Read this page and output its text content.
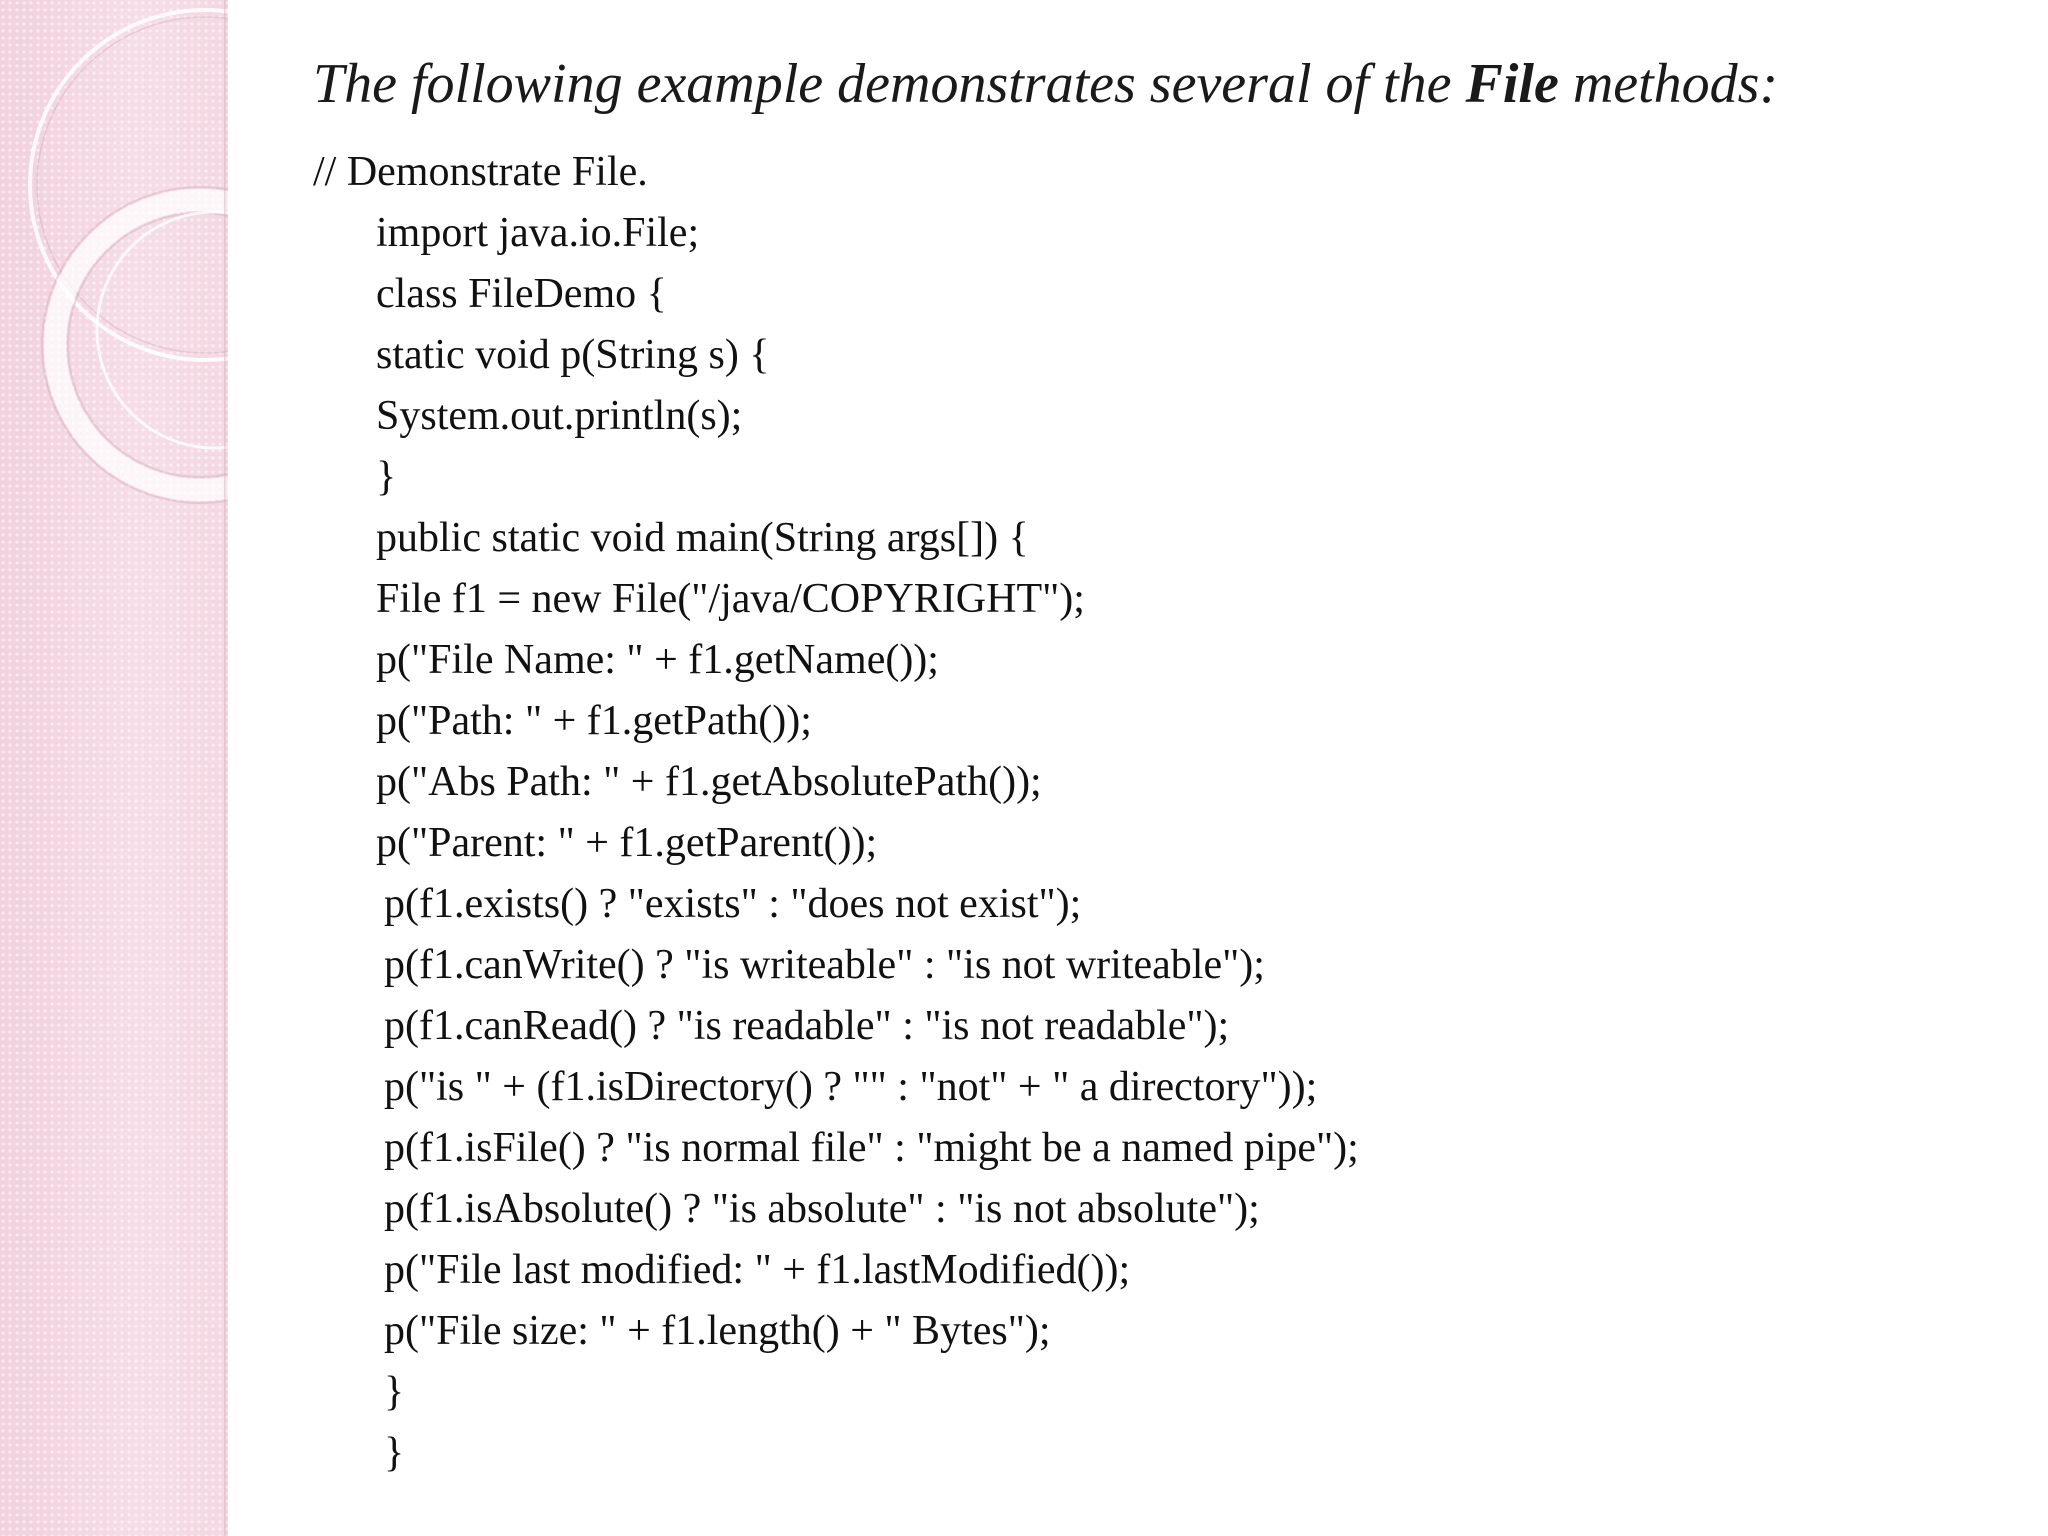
The following example demonstrates several of the File methods:
// Demonstrate File.
import java.io.File;
class FileDemo {
static void p(String s) {
System.out.println(s);
}
public static void main(String args[]) {
File f1 = new File("/java/COPYRIGHT");
p("File Name: " + f1.getName());
p("Path: " + f1.getPath());
p("Abs Path: " + f1.getAbsolutePath());
p("Parent: " + f1.getParent());
p(f1.exists() ? "exists" : "does not exist");
p(f1.canWrite() ? "is writeable" : "is not writeable");
p(f1.canRead() ? "is readable" : "is not readable");
p("is " + (f1.isDirectory() ? "" : "not" + " a directory"));
p(f1.isFile() ? "is normal file" : "might be a named pipe");
p(f1.isAbsolute() ? "is absolute" : "is not absolute");
p("File last modified: " + f1.lastModified());
p("File size: " + f1.length() + " Bytes");
}
}
